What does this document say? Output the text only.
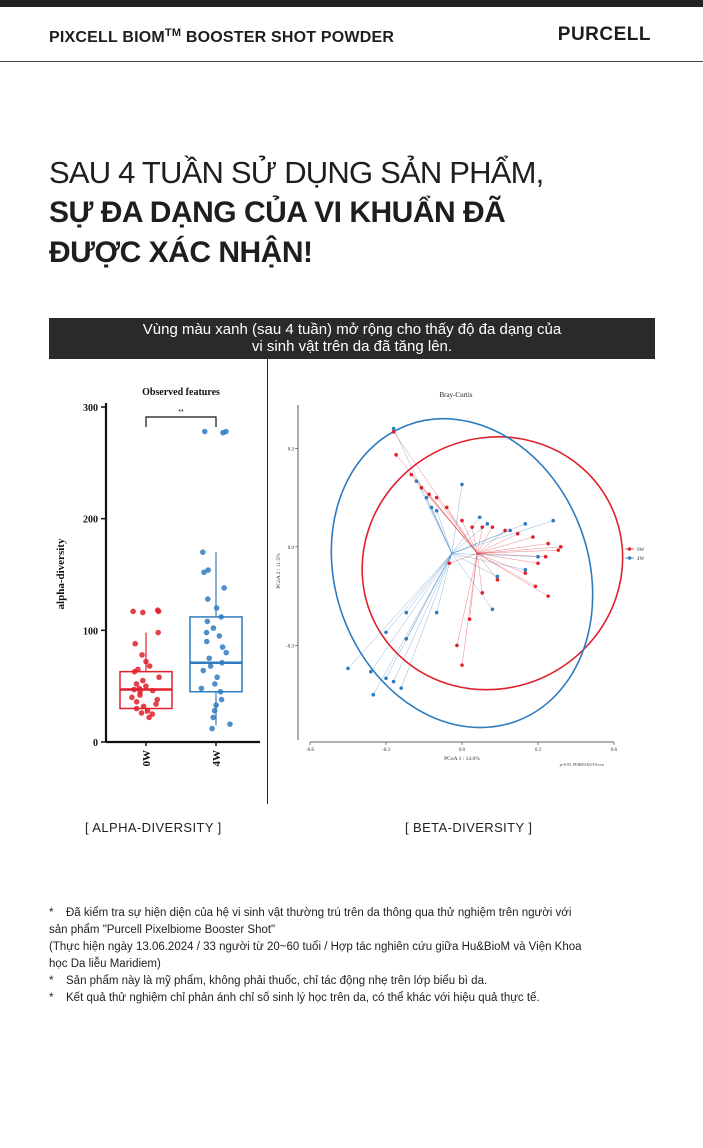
PIXCELL BIOM™ BOOSTER SHOT POWDER	PURCELL
SAU 4 TUẦN SỬ DỤNG SẢN PHẨM,
SỰ ĐA DẠNG CỦA VI KHUẨN ĐÃ
ĐƯỢC XÁC NHẬN!
Vùng màu xanh (sau 4 tuần) mở rộng cho thấy độ đa dạng của
vi sinh vật trên da đã tăng lên.
Observed features
alpha-diversity
0
100
200
300
0W	4W
**
Bray-Curtis
-0.3
0.0
0.3
-0.6	-0.3	0.0	0.3	0.6
PCoA 1 : 14.6%
PCoA 2 : 11.5%
p=0.95, PERMANOVA test
0W
4W
[ ALPHA-DIVERSITY ]	[ BETA-DIVERSITY ]
*	Đã kiểm tra sự hiện diện của hệ vi sinh vật thường trú trên da thông qua thử nghiệm trên người với
sản phẩm "Purcell Pixelbiome Booster Shot"
(Thực hiện ngày 13.06.2024 / 33 người từ 20~60 tuổi / Hợp tác nghiên cứu giữa Hu&BioM và Viện Khoa
học Da liễu Maridiem)
*	Sản phẩm này là mỹ phẩm, không phải thuốc, chỉ tác động nhẹ trên lớp biểu bì da.
*	Kết quả thử nghiệm chỉ phản ánh chỉ số sinh lý học trên da, có thể khác với hiệu quả thực tế.
